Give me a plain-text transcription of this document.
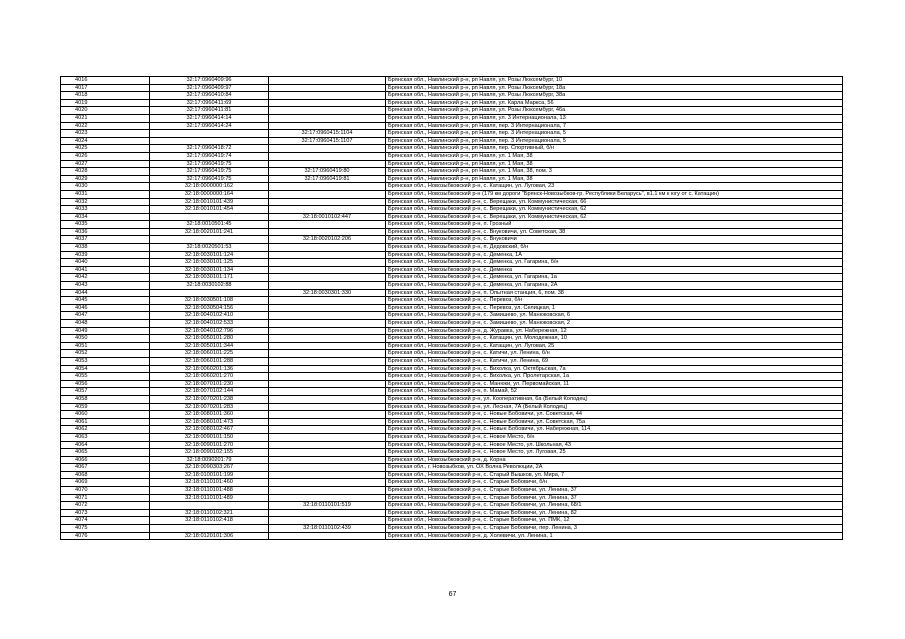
4016	32:17:0960409:96		Брянская обл., Навлинский р-н, рп Навля, ул. Розы Люксембург, 10
4017	32:17:0960409:97		Брянская обл., Навлинский р-н, рп Навля, ул. Розы Люксембург, 18а
4018	32:17:0960410:84		Брянская обл., Навлинский р-н, рп Навля, ул. Розы Люксембург, 38а
4019	32:17:0960411:69		Брянская обл., Навлинский р-н, рп Навля, ул. Карла Маркса, 56
4020	32:17:0960411:81		Брянская обл., Навлинский р-н, рп Навля, ул. Розы Люксембург, 46а
4021	32:17:0960414:14		Брянская обл., Навлинский р-н, рп Навля, ул. 3 Интернационала, 13
4022	32:17:0960414:24		Брянская обл., Навлинский р-н, рп Навля, пер. 3 Интернационала, 7
4023		32:17:0960415:1104	Брянская обл., Навлинский р-н, рп Навля, пер. 3 Интернационала, 5
4024		32:17:0960415:1107	Брянская обл., Навлинский р-н, рп Навля, пер. 3 Интернационала, 5
4025	32:17:0960418:72		Брянская обл., Навлинский р-н, рп Навля, пер. Спортивный, б/н
4026	32:17:0960419:74		Брянская обл., Навлинский р-н, рп Навля, ул. 1 Мая, 38
4027	32:17:0960419:75		Брянская обл., Навлинский р-н, рп Навля, ул. 1 Мая, 38
4028	32:17:0960419:75	32:17:0960419:80	Брянская обл., Навлинский р-н, рп Навля, ул. 1 Мая, 38, пом. 3
4029	32:17:0960419:75	32:17:0960419:81	Брянская обл., Навлинский р-н, рп Навля, ул. 1 Мая, 38
4030	32:18:0000000:162		Брянская обл., Новозыбковский р-н, с. Катащин, ул. Луговая, 23
4031	32:18:0000000:164		Брянская обл., Новозыбковский р-н (179 км дороги "Брянск-Новозыбков-гр. Республики Беларусь", в1.1 км к югу от с. Катащин)
4032	32:18:0010101:439		Брянская обл., Новозыбковский р-н, с. Верещаки, ул. Коммунистическая, 66
4033	32:18:0010101:454		Брянская обл., Новозыбковский р-н, с. Верещаки, ул. Коммунистическая, 62
4034		32:18:0010102:447	Брянская обл., Новозыбковский р-н, с. Верещаки, ул. Коммунистическая, 62
4035	32:18:0010501:45		Брянская обл., Новозыбковский р-н, п. Грозный
4036	32:18:0020101:241		Брянская обл., Новозыбковский р-н, с. Внуковичи, ул. Советская, 38
4037		32:18:0020102:206	Брянская обл., Новозыбковский р-н, с. Внуковичи
4038	32:18:0020501:53		Брянская обл., Новозыбковский р-н, п. Дедовский, б/н
4039	32:18:0030101:124		Брянская обл., Новозыбковский р-н, с. Деменка, 1А
4040	32:18:0030101:125		Брянская обл., Новозыбковский р-н, с. Деменка, ул. Гагарина, б/н
4041	32:18:0030101:134		Брянская обл., Новозыбковский р-н, с. Деменка
4042	32:18:0030101:171		Брянская обл., Новозыбковский р-н, с. Деменка, ул. Гагарина, 1а
4043	32:18:0030102:88		Брянская обл., Новозыбковский р-н, с. Деменка, ул. Гагарина, 2А
4044		32:18:0030301:330	Брянская обл., Новозыбковский р-н, п. Опытная станция, 6, пом. 38
4045	32:18:0030501:108		Брянская обл., Новозыбковский р-н, с. Перевоз, б/н
4046	32:18:0030504:156		Брянская обл., Новозыбковский р-н, с. Перевоз, ул. Селицкая, 1
4047	32:18:0040102:410		Брянская обл., Новозыбковский р-н, с. Замишево, ул. Манюковская, 6
4048	32:18:0040102:533		Брянская обл., Новозыбковский р-н, с. Замишево, ул. Манюковская, 2
4049	32:18:0040102:796		Брянская обл., Новозыбковский р-н, д. Журавка, ул. Набережная, 12
4050	32:18:0050101:280		Брянская обл., Новозыбковский р-н, с. Катащин, ул. Молодежная, 10
4051	32:18:0050101:344		Брянская обл., Новозыбковский р-н, с. Катащин, ул. Луговая, 25
4052	32:18:0060101:225		Брянская обл., Новозыбковский р-н, с. Катичи, ул. Ленина, б/н
4053	32:18:0060101:288		Брянская обл., Новозыбковский р-н, с. Катичи, ул. Ленина, 69
4054	32:18:0060201:136		Брянская обл., Новозыбковский р-н, с. Вихолка, ул. Октябрьская, 7а
4055	32:18:0060201:270		Брянская обл., Новозыбковский р-н, с. Вихолка, ул. Пролетарская, 1а
4056	32:18:0070101:230		Брянская обл., Новозыбковский р-н, с. Манюки, ул. Первомайская, 11
4057	32:18:0070102:144		Брянская обл., Новозыбковский р-н, п. Мамай, 52
4058	32:18:0070201:238		Брянская обл., Новозыбковский р-н, ул. Кооперативная, 6а (Белый Колодец)
4059	32:18:0070201:283		Брянская обл., Новозыбковский р-н, ул. Лесная, 7А (Белый Колодец)
4060	32:18:0080101:360		Брянская обл., Новозыбковский р-н, с. Новые Бобовичи, ул. Советская, 44
4061	32:18:0080101:473		Брянская обл., Новозыбковский р-н, с. Новые Бобовичи, ул. Советская, 75а
4062	32:18:0080102:467		Брянская обл., Новозыбковский р-н, с. Новые Бобовичи, ул. Набережная, 114
4063	32:18:0090101:150		Брянская обл., Новозыбковский р-н, с. Новое Место, б/н
4064	32:18:0090101:270		Брянская обл., Новозыбковский р-н, с. Новое Место, ул. Школьная, 43
4065	32:18:0090102:155		Брянская обл., Новозыбковский р-н, с. Новое Место, ул. Луговая, 25
4066	32:18:0090201:79		Брянская обл., Новозыбковский р-н, д. Корна
4067	32:18:0090303:267		Брянская обл., г. Новозыбков, ул. ОХ Волна Революции, 2А
4068	32:18:0100101:199		Брянская обл., Новозыбковский р-н, с. Старый Вышков, ул. Мира, 7
4069	32:18:0110101:460		Брянская обл., Новозыбковский р-н, с. Старые Бобовичи, б/н
4070	32:18:0110101:488		Брянская обл., Новозыбковский р-н, с. Старые Бобовичи, ул. Ленина, 37
4071	32:18:0110101:489		Брянская обл., Новозыбковский р-н, с. Старые Бобовичи, ул. Ленина, 37
4072		32:18:0110101:519	Брянская обл., Новозыбковский р-н, с. Старые Бобовичи, ул. Ленина, 68/1
4073	32:18:0110102:321		Брянская обл., Новозыбковский р-н, с. Старые Бобовичи, ул. Ленина, 82
4074	32:18:0110102:418		Брянская обл., Новозыбковский р-н, с. Старые Бобовичи, ул. ПМК, 12
4075		32:18:0110102:439	Брянская обл., Новозыбковский р-н, с. Старые Бобовичи, пер. Ленина, 3
4076	32:18:0120101:306		Брянская обл., Новозыбковский р-н, д. Холевичи, ул. Ленина, 1
67
